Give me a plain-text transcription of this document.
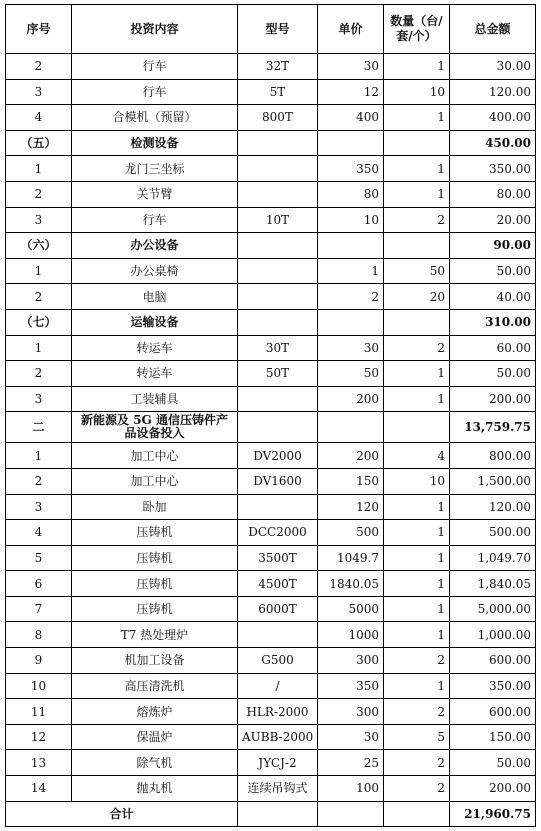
序号	投资内容	型号	单价	数量（台/套/个）	总金额
2	行车	32T	30	1	30.00
3	行车	5T	12	10	120.00
4	合模机（预留）	800T	400	1	400.00
（五）	检测设备				450.00
1	龙门三坐标		350	1	350.00
2	关节臂		80	1	80.00
3	行车	10T	10	2	20.00
（六）	办公设备				90.00
1	办公桌椅		1	50	50.00
2	电脑		2	20	40.00
（七）	运输设备				310.00
1	转运车	30T	30	2	60.00
2	转运车	50T	50	1	50.00
3	工装辅具		200	1	200.00
二	新能源及 5G 通信压铸件产品设备投入				13,759.75
1	加工中心	DV2000	200	4	800.00
2	加工中心	DV1600	150	10	1,500.00
3	卧加		120	1	120.00
4	压铸机	DCC2000	500	1	500.00
5	压铸机	3500T	1049.7	1	1,049.70
6	压铸机	4500T	1840.05	1	1,840.05
7	压铸机	6000T	5000	1	5,000.00
8	T7 热处理炉		1000	1	1,000.00
9	机加工设备	G500	300	2	600.00
10	高压清洗机	/	350	1	350.00
11	熔炼炉	HLR-2000	300	2	600.00
12	保温炉	AUBB-2000	30	5	150.00
13	除气机	JYCJ-2	25	2	50.00
14	抛丸机	连续吊钩式	100	2	200.00
合计					21,960.75
